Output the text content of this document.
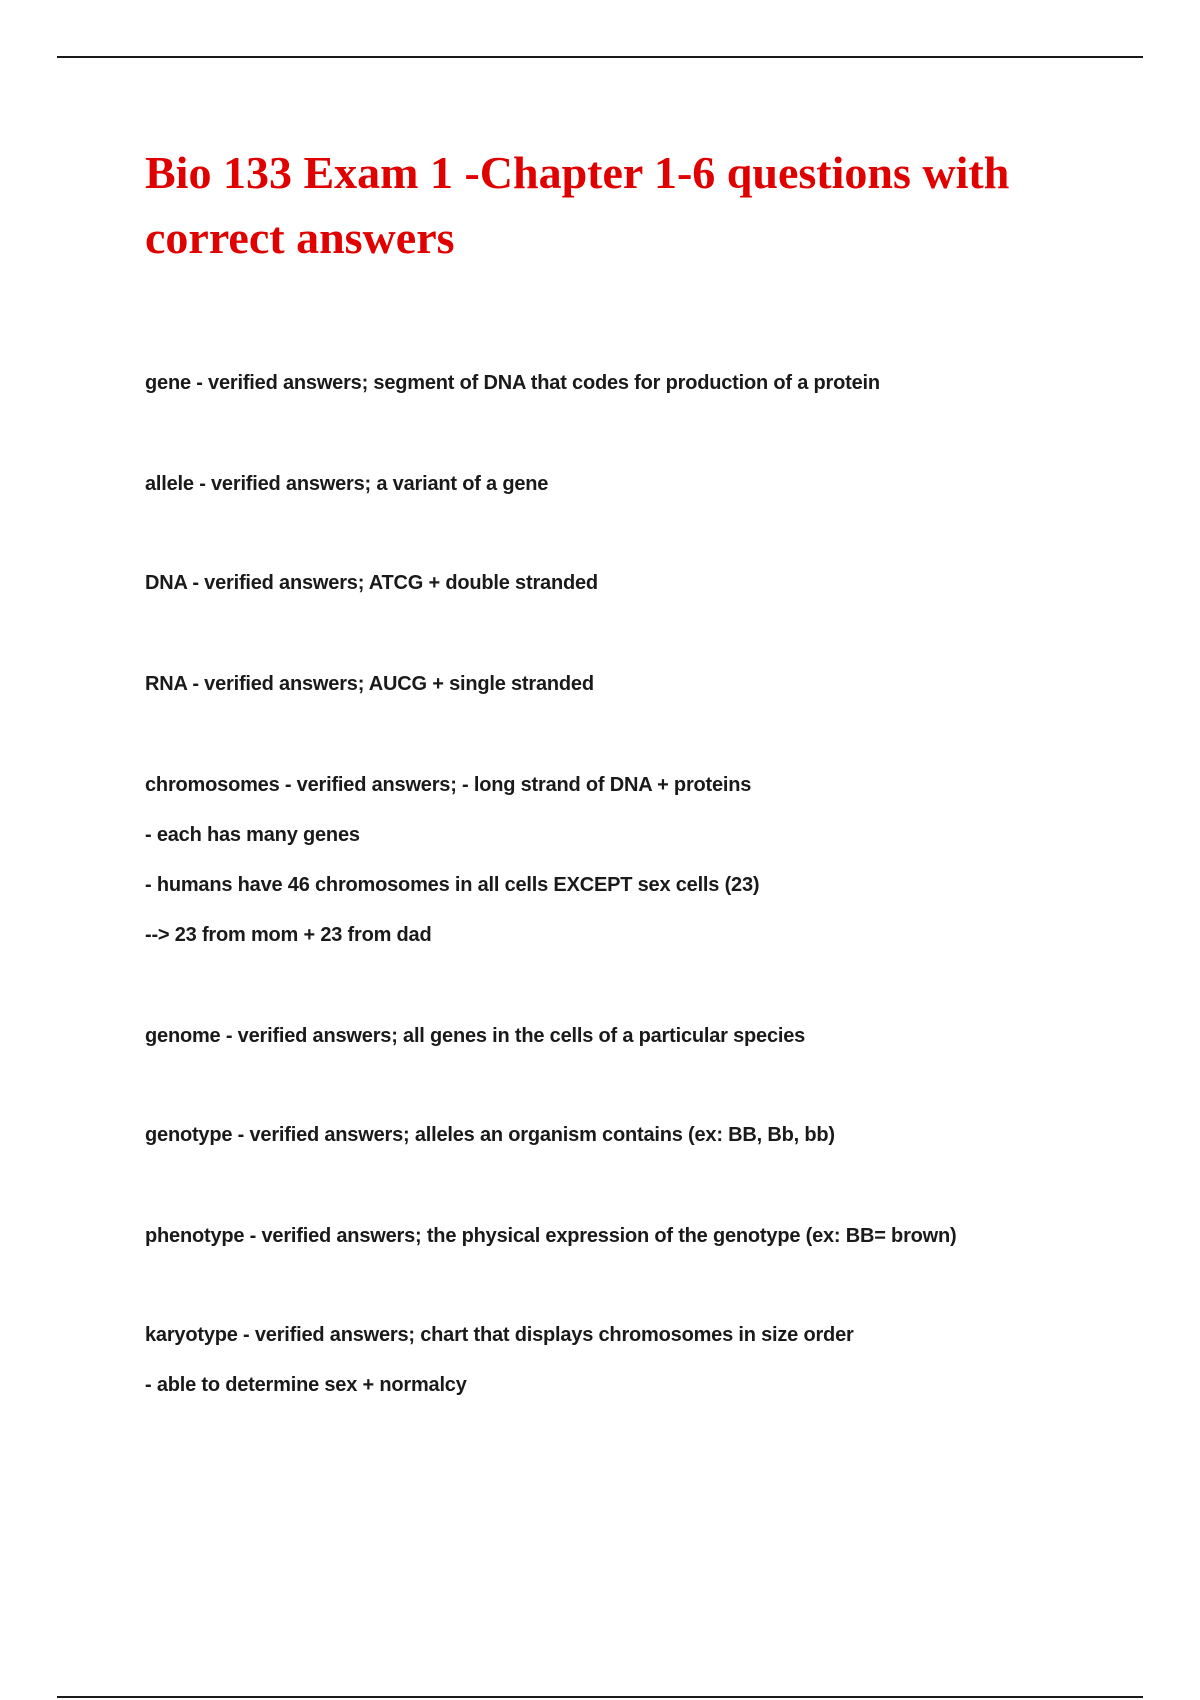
Bio 133 Exam 1 -Chapter 1-6 questions with correct answers
gene - verified answers; segment of DNA that codes for production of a protein
allele - verified answers; a variant of a gene
DNA - verified answers; ATCG + double stranded
RNA - verified answers; AUCG + single stranded
chromosomes - verified answers; - long strand of DNA + proteins
- each has many genes
- humans have 46 chromosomes in all cells EXCEPT sex cells (23)
--> 23 from mom + 23 from dad
genome - verified answers; all genes in the cells of a particular species
genotype - verified answers; alleles an organism contains (ex: BB, Bb, bb)
phenotype - verified answers; the physical expression of the genotype (ex: BB= brown)
karyotype - verified answers; chart that displays chromosomes in size order
- able to determine sex + normalcy
